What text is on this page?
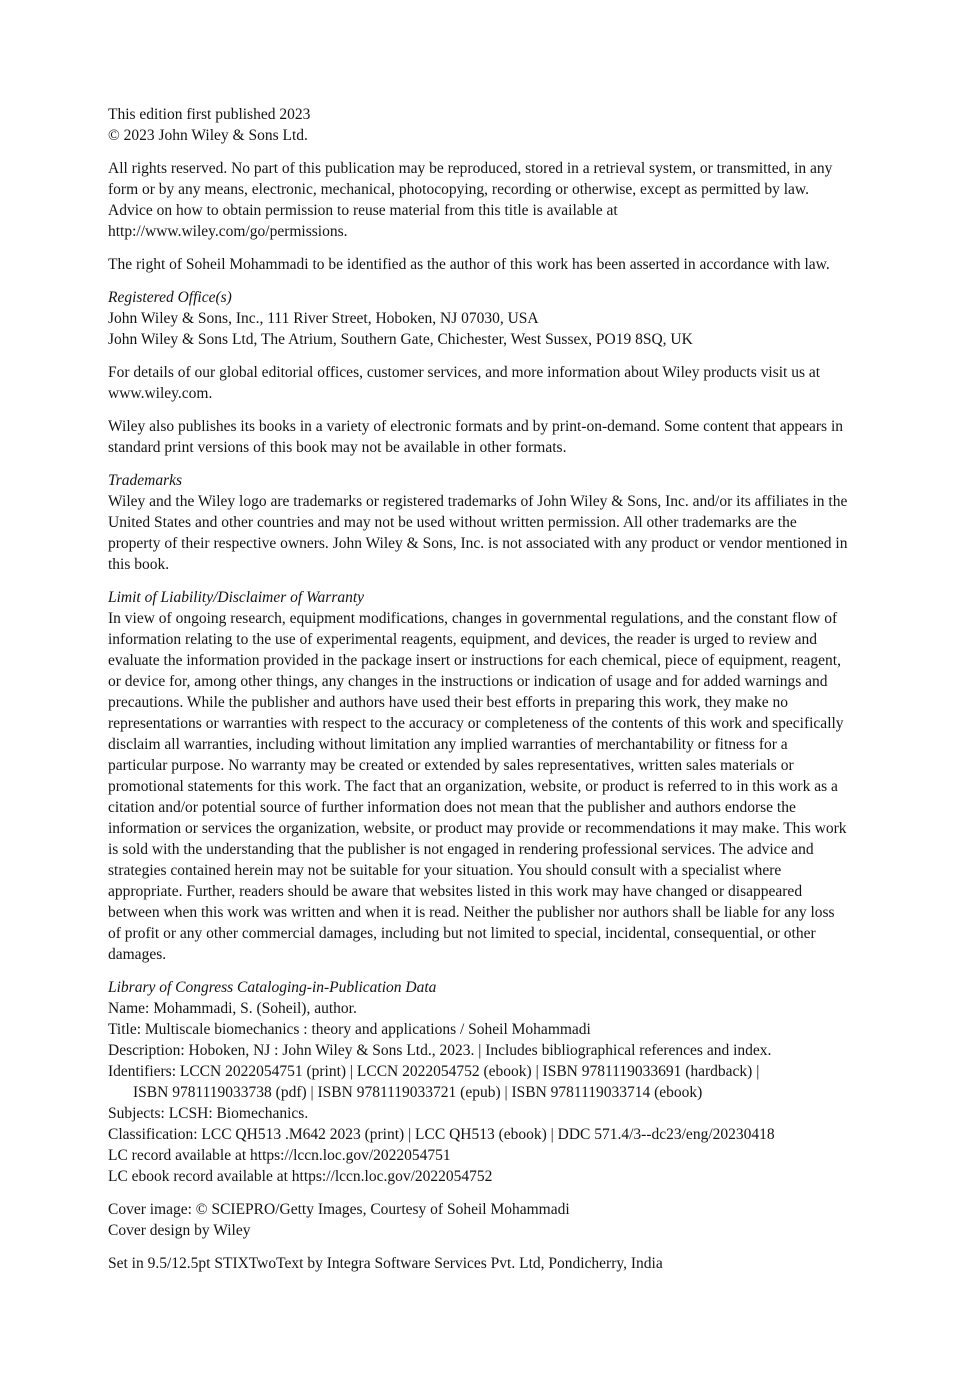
This edition first published 2023
© 2023 John Wiley & Sons Ltd.
All rights reserved. No part of this publication may be reproduced, stored in a retrieval system, or transmitted, in any form or by any means, electronic, mechanical, photocopying, recording or otherwise, except as permitted by law. Advice on how to obtain permission to reuse material from this title is available at http://www.wiley.com/go/permissions.
The right of Soheil Mohammadi to be identified as the author of this work has been asserted in accordance with law.
Registered Office(s)
John Wiley & Sons, Inc., 111 River Street, Hoboken, NJ 07030, USA
John Wiley & Sons Ltd, The Atrium, Southern Gate, Chichester, West Sussex, PO19 8SQ, UK
For details of our global editorial offices, customer services, and more information about Wiley products visit us at www.wiley.com.
Wiley also publishes its books in a variety of electronic formats and by print-on-demand. Some content that appears in standard print versions of this book may not be available in other formats.
Trademarks
Wiley and the Wiley logo are trademarks or registered trademarks of John Wiley & Sons, Inc. and/or its affiliates in the United States and other countries and may not be used without written permission. All other trademarks are the property of their respective owners. John Wiley & Sons, Inc. is not associated with any product or vendor mentioned in this book.
Limit of Liability/Disclaimer of Warranty
In view of ongoing research, equipment modifications, changes in governmental regulations, and the constant flow of information relating to the use of experimental reagents, equipment, and devices, the reader is urged to review and evaluate the information provided in the package insert or instructions for each chemical, piece of equipment, reagent, or device for, among other things, any changes in the instructions or indication of usage and for added warnings and precautions. While the publisher and authors have used their best efforts in preparing this work, they make no representations or warranties with respect to the accuracy or completeness of the contents of this work and specifically disclaim all warranties, including without limitation any implied warranties of merchantability or fitness for a particular purpose. No warranty may be created or extended by sales representatives, written sales materials or promotional statements for this work. The fact that an organization, website, or product is referred to in this work as a citation and/or potential source of further information does not mean that the publisher and authors endorse the information or services the organization, website, or product may provide or recommendations it may make. This work is sold with the understanding that the publisher is not engaged in rendering professional services. The advice and strategies contained herein may not be suitable for your situation. You should consult with a specialist where appropriate. Further, readers should be aware that websites listed in this work may have changed or disappeared between when this work was written and when it is read. Neither the publisher nor authors shall be liable for any loss of profit or any other commercial damages, including but not limited to special, incidental, consequential, or other damages.
Library of Congress Cataloging-in-Publication Data
Name: Mohammadi, S. (Soheil), author.
Title: Multiscale biomechanics : theory and applications / Soheil Mohammadi
Description: Hoboken, NJ : John Wiley & Sons Ltd., 2023. | Includes bibliographical references and index.
Identifiers: LCCN 2022054751 (print) | LCCN 2022054752 (ebook) | ISBN 9781119033691 (hardback) |
ISBN 9781119033738 (pdf) | ISBN 9781119033721 (epub) | ISBN 9781119033714 (ebook)
Subjects: LCSH: Biomechanics.
Classification: LCC QH513 .M642 2023 (print) | LCC QH513 (ebook) | DDC 571.4/3--dc23/eng/20230418
LC record available at https://lccn.loc.gov/2022054751
LC ebook record available at https://lccn.loc.gov/2022054752
Cover image: © SCIEPRO/Getty Images, Courtesy of Soheil Mohammadi
Cover design by Wiley
Set in 9.5/12.5pt STIXTwoText by Integra Software Services Pvt. Ltd, Pondicherry, India
